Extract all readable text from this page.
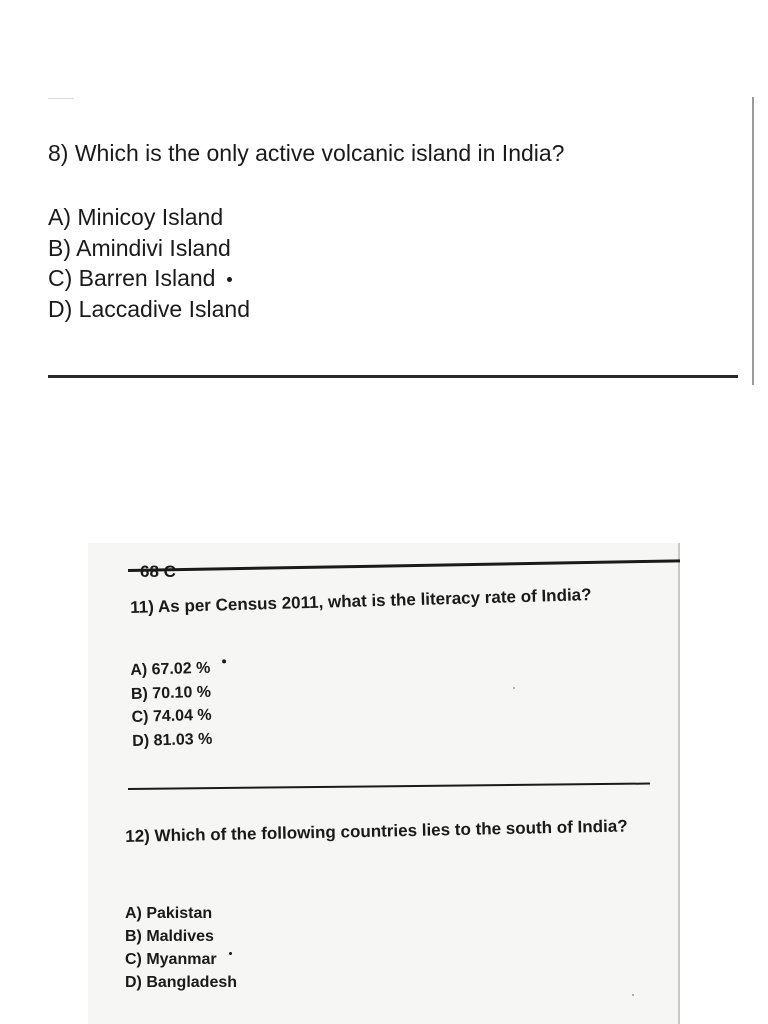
8) Which is the only active volcanic island in India?
A) Minicoy Island
B) Amindivi Island
C) Barren Island
D) Laccadive Island
68 C
11) As per Census 2011, what is the literacy rate of India?
A) 67.02 %
B) 70.10 %
C) 74.04 %
D) 81.03 %
12) Which of the following countries lies to the south of India?
A) Pakistan
B) Maldives
C) Myanmar
D) Bangladesh
